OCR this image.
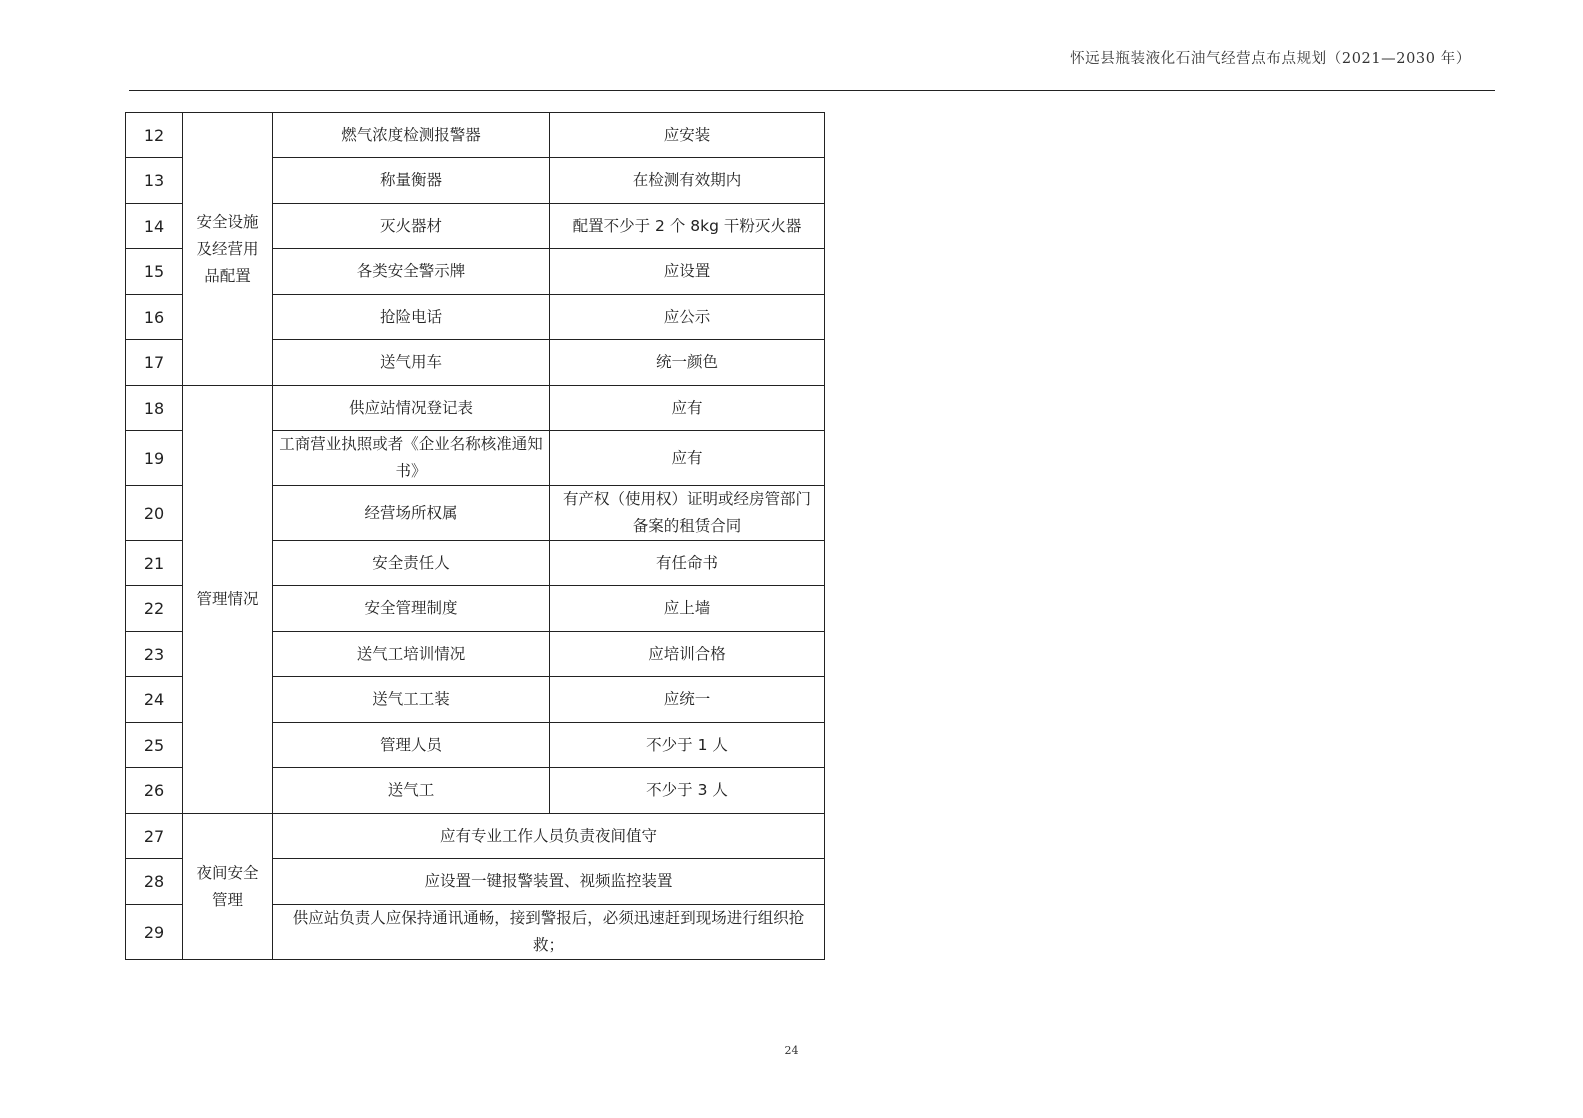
怀远县瓶装液化石油气经营点布点规划（2021—2030 年）
12	安全设施及经营用品配置	燃气浓度检测报警器	应安装
13		称量衡器	在检测有效期内
14		灭火器材	配置不少于 2 个 8kg 干粉灭火器
15		各类安全警示牌	应设置
16		抢险电话	应公示
17		送气用车	统一颜色
18	管理情况	供应站情况登记表	应有
19		工商营业执照或者《企业名称核准通知书》	应有
20		经营场所权属	有产权（使用权）证明或经房管部门备案的租赁合同
21		安全责任人	有任命书
22		安全管理制度	应上墙
23		送气工培训情况	应培训合格
24		送气工工装	应统一
25		管理人员	不少于 1 人
26		送气工	不少于 3 人
27	夜间安全管理	应有专业工作人员负责夜间值守	
28		应设置一键报警装置、视频监控装置	
29		供应站负责人应保持通讯通畅，接到警报后，必须迅速赶到现场进行组织抢救；	
24
